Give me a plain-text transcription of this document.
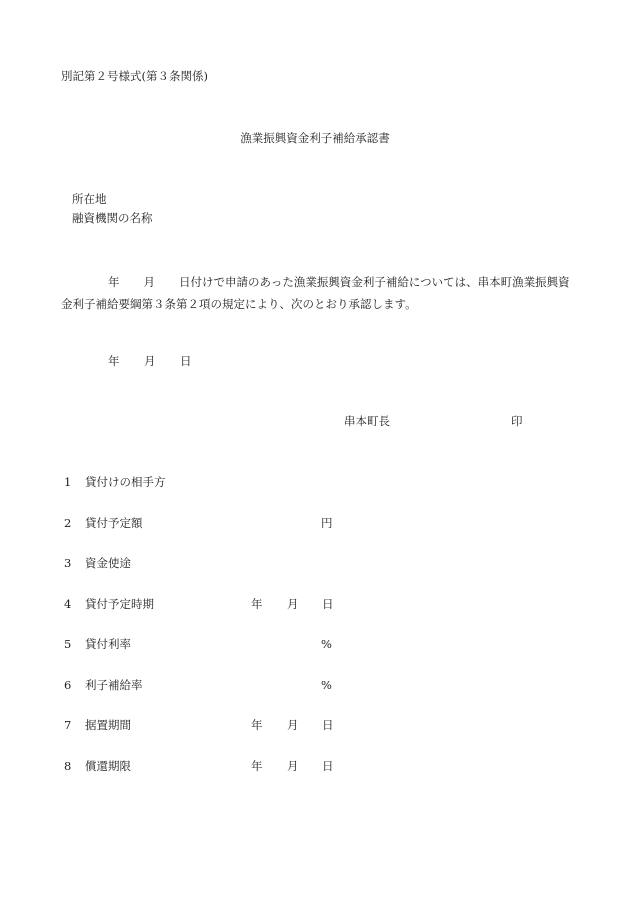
別記第２号様式(第３条関係)
漁業振興資金利子補給承認書
所在地
融資機関の名称
年 月 日付けで申請のあった漁業振興資金利子補給については、串本町漁業振興資金利子補給要綱第３条第２項の規定により、次のとおり承認します。
年 月 日
串本町長	印
1 貸付けの相手方
2 貸付予定額	円
3 資金使途
4 貸付予定時期	年 月 日
5 貸付利率	%
6 利子補給率	%
7 据置期間	年 月 日
8 償還期限	年 月 日
